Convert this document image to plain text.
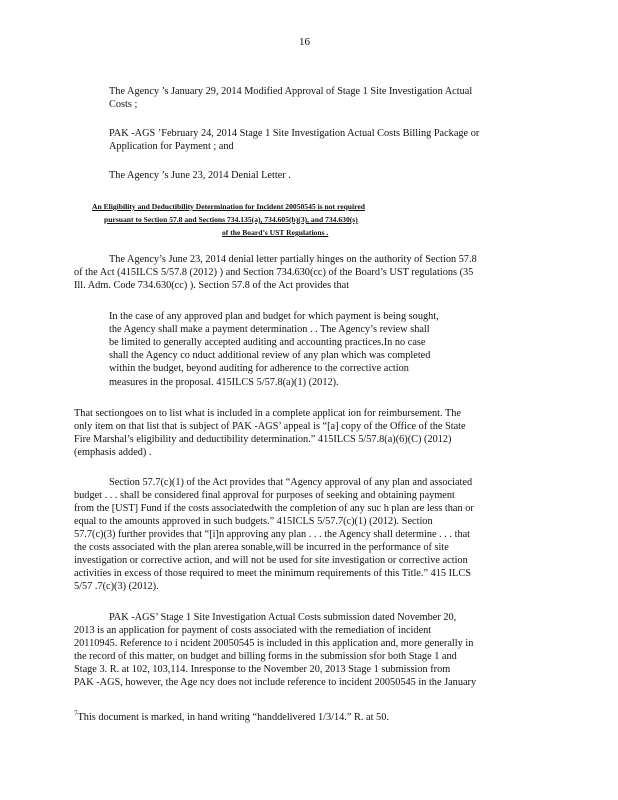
16
The Agency ’s January 29, 2014 Modified Approval of Stage 1 Site Investigation Actual
Costs ;
PAK -AGS ’February 24, 2014 Stage 1 Site Investigation Actual Costs Billing Package or
Application for Payment ; and
The Agency ’s June 23, 2014 Denial Letter .
An Eligibility and Deductibility Determination for Incident 20050545 is not required
pursuant to Section 57.8 and Sections 734.135(a), 734.605(b)(3), and 734.630(s)
of the Board’s UST Regulations .
The Agency’s June 23, 2014 denial letter partially hinges on the authority of Section 57.8
of the Act (415ILCS 5/57.8 (2012) ) and Section 734.630(cc) of the Board’s UST regulations (35
Ill. Adm. Code 734.630(cc) ). Section 57.8 of the Act provides that
In the case of any approved plan and budget for which payment is being sought,
the Agency shall make a payment determination . . The Agency’s review shall
be limited to generally accepted auditing and accounting practices.In no case
shall the Agency co nduct additional review of any plan which was completed
within the budget, beyond auditing for adherence to the corrective action
measures in the proposal. 415ILCS 5/57.8(a)(1) (2012).
That sectiongoes on to list what is included in a complete applicat ion for reimbursement. The
only item on that list that is subject of PAK -AGS’ appeal is “[a] copy of the Office of the State
Fire Marshal’s eligibility and deductibility determination.” 415ILCS 5/57.8(a)(6)(C) (2012)
(emphasis added) .
Section 57.7(c)(1) of the Act provides that “Agency approval of any plan and associated
budget . . . shall be considered final approval for purposes of seeking and obtaining payment
from the [UST] Fund if the costs associatedwith the completion of any suc h plan are less than or
equal to the amounts approved in such budgets.” 415ICLS 5/57.7(c)(1) (2012). Section
57.7(c)(3) further provides that “[i]n approving any plan . . . the Agency shall determine . . . that
the costs associated with the plan arerea sonable,will be incurred in the performance of site
investigation or corrective action, and will not be used for site investigation or corrective action
activities in excess of those required to meet the minimum requirements of this Title.” 415 ILCS
5/57 .7(c)(3) (2012).
PAK -AGS’ Stage 1 Site Investigation Actual Costs submission dated November 20,
2013 is an application for payment of costs associated with the remediation of incident
20110945. Reference to i ncident 20050545 is included in this application and, more generally in
the record of this matter, on budget and billing forms in the submission sfor both Stage 1 and
Stage 3. R. at 102, 103,114. Inresponse to the November 20, 2013 Stage 1 submission from
PAK -AGS, however, the Age ncy does not include reference to incident 20050545 in the January
$^7$This document is marked, in hand writing “handdelivered 1/3/14.” R. at 50.
